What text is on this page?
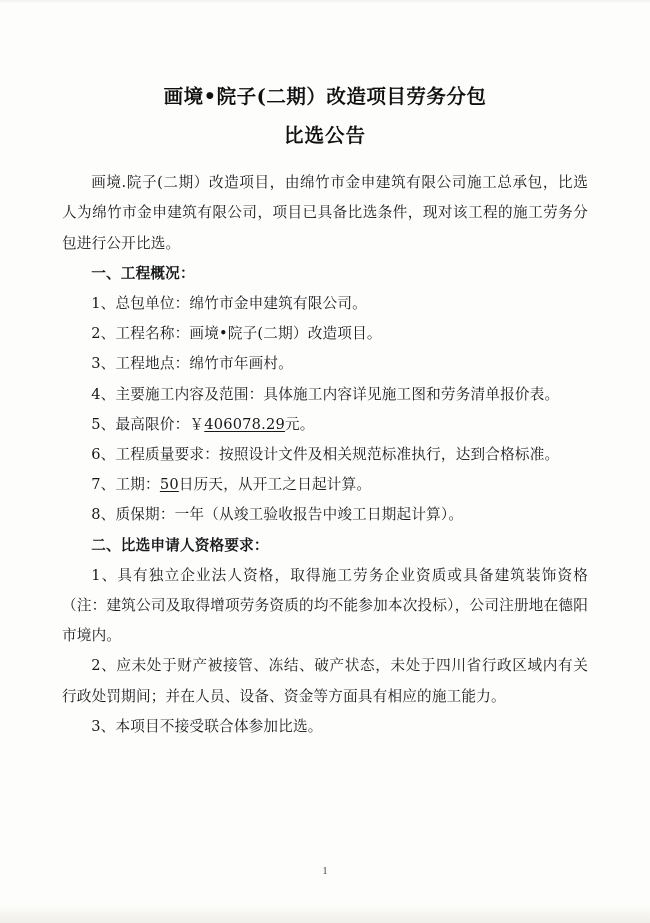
画境•院子(二期）改造项目劳务分包
比选公告

画境.院子(二期）改造项目，由绵竹市金申建筑有限公司施工总承包，比选人为绵竹市金申建筑有限公司，项目已具备比选条件，现对该工程的施工劳务分包进行公开比选。

一、工程概况：

1、总包单位：绵竹市金申建筑有限公司。

2、工程名称：画境•院子(二期）改造项目。

3、工程地点：绵竹市年画村。

4、主要施工内容及范围：具体施工内容详见施工图和劳务清单报价表。

5、最高限价：￥406078.29元。

6、工程质量要求：按照设计文件及相关规范标准执行，达到合格标准。

7、工期：50日历天，从开工之日起计算。

8、质保期：一年（从竣工验收报告中竣工日期起计算）。

二、比选申请人资格要求：

1、具有独立企业法人资格，取得施工劳务企业资质或具备建筑装饰资格（注：建筑公司及取得增项劳务资质的均不能参加本次投标），公司注册地在德阳市境内。

2、应未处于财产被接管、冻结、破产状态，未处于四川省行政区域内有关行政处罚期间；并在人员、设备、资金等方面具有相应的施工能力。

3、本项目不接受联合体参加比选。

1
